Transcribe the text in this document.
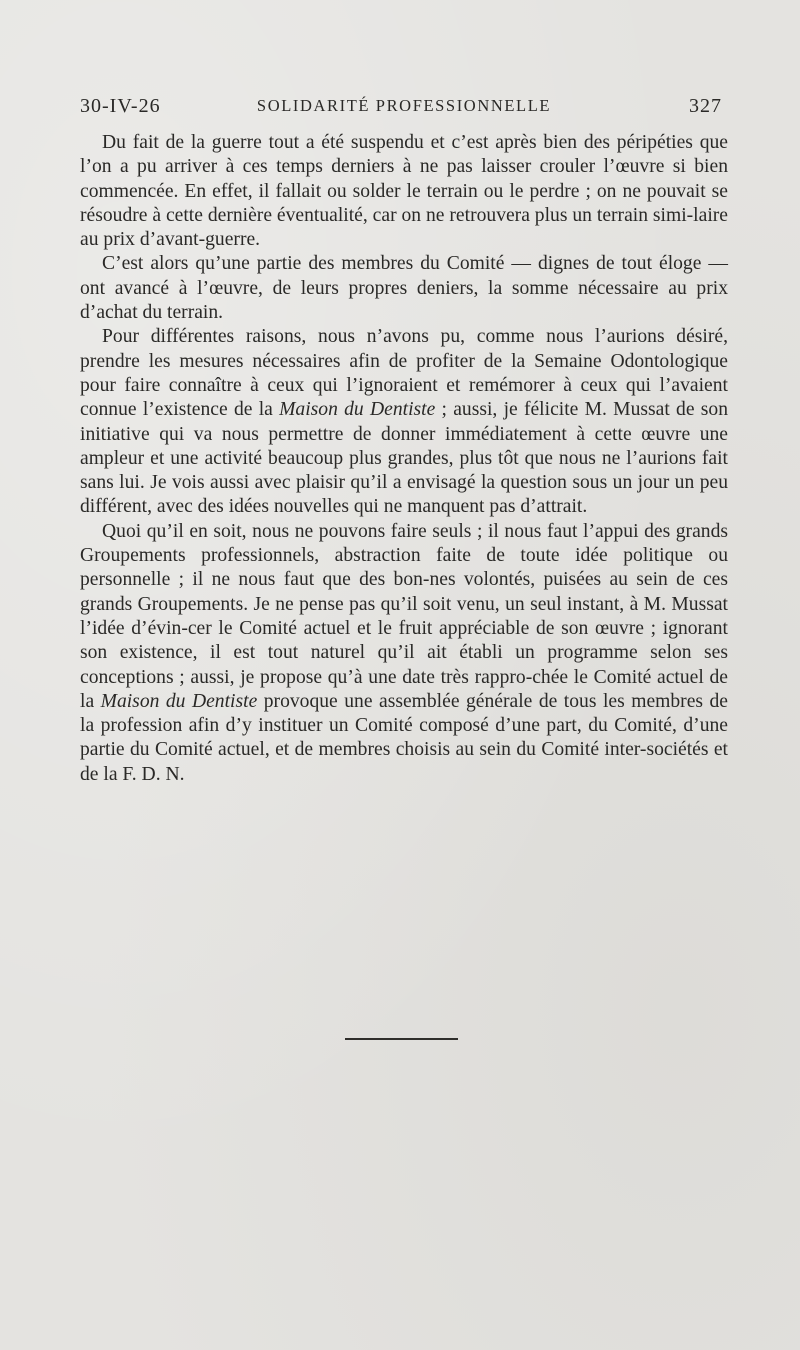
30-IV-26	SOLIDARITÉ PROFESSIONNELLE	327

Du fait de la guerre tout a été suspendu et c’est après bien des péripéties que l’on a pu arriver à ces temps derniers à ne pas laisser crouler l’œuvre si bien commencée. En effet, il fallait ou solder le terrain ou le perdre ; on ne pouvait se résoudre à cette dernière éventualité, car on ne retrouvera plus un terrain simi-laire au prix d’avant-guerre.

C’est alors qu’une partie des membres du Comité — dignes de tout éloge — ont avancé à l’œuvre, de leurs propres deniers, la somme nécessaire au prix d’achat du terrain.

Pour différentes raisons, nous n’avons pu, comme nous l’aurions désiré, prendre les mesures nécessaires afin de profiter de la Semaine Odontologique pour faire connaître à ceux qui l’ignoraient et remémorer à ceux qui l’avaient connue l’existence de la Maison du Dentiste ; aussi, je félicite M. Mussat de son initiative qui va nous permettre de donner immédiatement à cette œuvre une ampleur et une activité beaucoup plus grandes, plus tôt que nous ne l’aurions fait sans lui. Je vois aussi avec plaisir qu’il a envisagé la question sous un jour un peu différent, avec des idées nouvelles qui ne manquent pas d’attrait.

Quoi qu’il en soit, nous ne pouvons faire seuls ; il nous faut l’appui des grands Groupements professionnels, abstraction faite de toute idée politique ou personnelle ; il ne nous faut que des bon-nes volontés, puisées au sein de ces grands Groupements. Je ne pense pas qu’il soit venu, un seul instant, à M. Mussat l’idée d’évin-cer le Comité actuel et le fruit appréciable de son œuvre ; ignorant son existence, il est tout naturel qu’il ait établi un programme selon ses conceptions ; aussi, je propose qu’à une date très rappro-chée le Comité actuel de la Maison du Dentiste provoque une assemblée générale de tous les membres de la profession afin d’y instituer un Comité composé d’une part, du Comité, d’une partie du Comité actuel, et de membres choisis au sein du Comité inter-sociétés et de la F. D. N.
